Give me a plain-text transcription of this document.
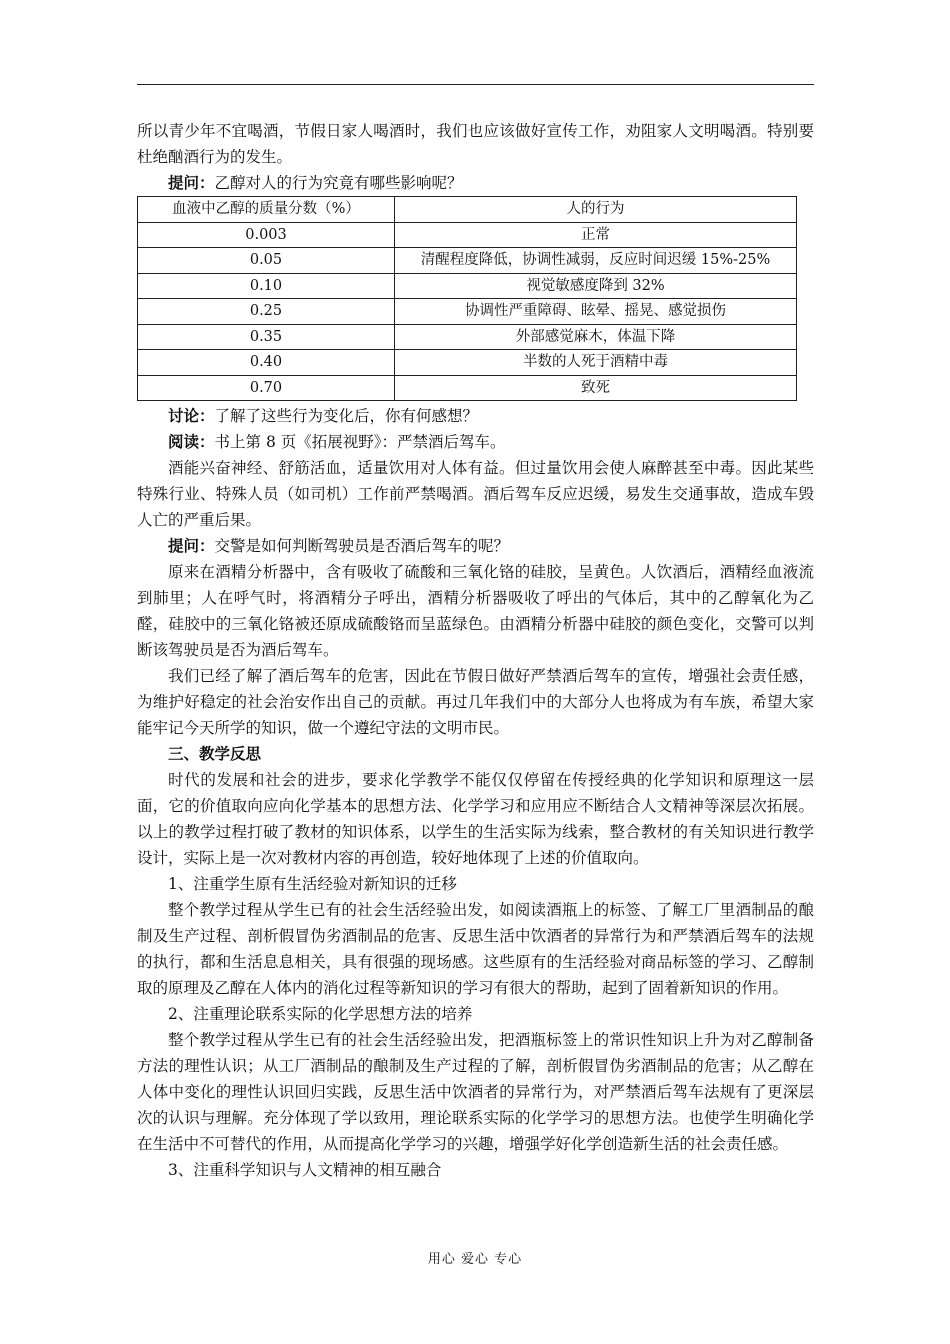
所以青少年不宜喝酒，节假日家人喝酒时，我们也应该做好宣传工作，劝阻家人文明喝酒。特别要杜绝酗酒行为的发生。

提问：乙醇对人的行为究竟有哪些影响呢？

血液中乙醇的质量分数（%）	人的行为
0.003	正常
0.05	清醒程度降低，协调性减弱，反应时间迟缓 15%-25%
0.10	视觉敏感度降到 32%
0.25	协调性严重障碍、眩晕、摇晃、感觉损伤
0.35	外部感觉麻木，体温下降
0.40	半数的人死于酒精中毒
0.70	致死

讨论：了解了这些行为变化后，你有何感想？

阅读：书上第 8 页《拓展视野》：严禁酒后驾车。

酒能兴奋神经、舒筋活血，适量饮用对人体有益。但过量饮用会使人麻醉甚至中毒。因此某些特殊行业、特殊人员（如司机）工作前严禁喝酒。酒后驾车反应迟缓，易发生交通事故，造成车毁人亡的严重后果。

提问：交警是如何判断驾驶员是否酒后驾车的呢？

原来在酒精分析器中，含有吸收了硫酸和三氧化铬的硅胶，呈黄色。人饮酒后，酒精经血液流到肺里；人在呼气时，将酒精分子呼出，酒精分析器吸收了呼出的气体后，其中的乙醇氧化为乙醛，硅胶中的三氧化铬被还原成硫酸铬而呈蓝绿色。由酒精分析器中硅胶的颜色变化，交警可以判断该驾驶员是否为酒后驾车。

我们已经了解了酒后驾车的危害，因此在节假日做好严禁酒后驾车的宣传，增强社会责任感，为维护好稳定的社会治安作出自己的贡献。再过几年我们中的大部分人也将成为有车族，希望大家能牢记今天所学的知识，做一个遵纪守法的文明市民。

三、教学反思

时代的发展和社会的进步，要求化学教学不能仅仅停留在传授经典的化学知识和原理这一层面，它的价值取向应向化学基本的思想方法、化学学习和应用应不断结合人文精神等深层次拓展。以上的教学过程打破了教材的知识体系，以学生的生活实际为线索，整合教材的有关知识进行教学设计，实际上是一次对教材内容的再创造，较好地体现了上述的价值取向。

1、注重学生原有生活经验对新知识的迁移

整个教学过程从学生已有的社会生活经验出发，如阅读酒瓶上的标签、了解工厂里酒制品的酿制及生产过程、剖析假冒伪劣酒制品的危害、反思生活中饮酒者的异常行为和严禁酒后驾车的法规的执行，都和生活息息相关，具有很强的现场感。这些原有的生活经验对商品标签的学习、乙醇制取的原理及乙醇在人体内的消化过程等新知识的学习有很大的帮助，起到了固着新知识的作用。

2、注重理论联系实际的化学思想方法的培养

整个教学过程从学生已有的社会生活经验出发，把酒瓶标签上的常识性知识上升为对乙醇制备方法的理性认识；从工厂酒制品的酿制及生产过程的了解，剖析假冒伪劣酒制品的危害；从乙醇在人体中变化的理性认识回归实践，反思生活中饮酒者的异常行为，对严禁酒后驾车法规有了更深层次的认识与理解。充分体现了学以致用，理论联系实际的化学学习的思想方法。也使学生明确化学在生活中不可替代的作用，从而提高化学学习的兴趣，增强学好化学创造新生活的社会责任感。

3、注重科学知识与人文精神的相互融合

用心 爱心 专心
